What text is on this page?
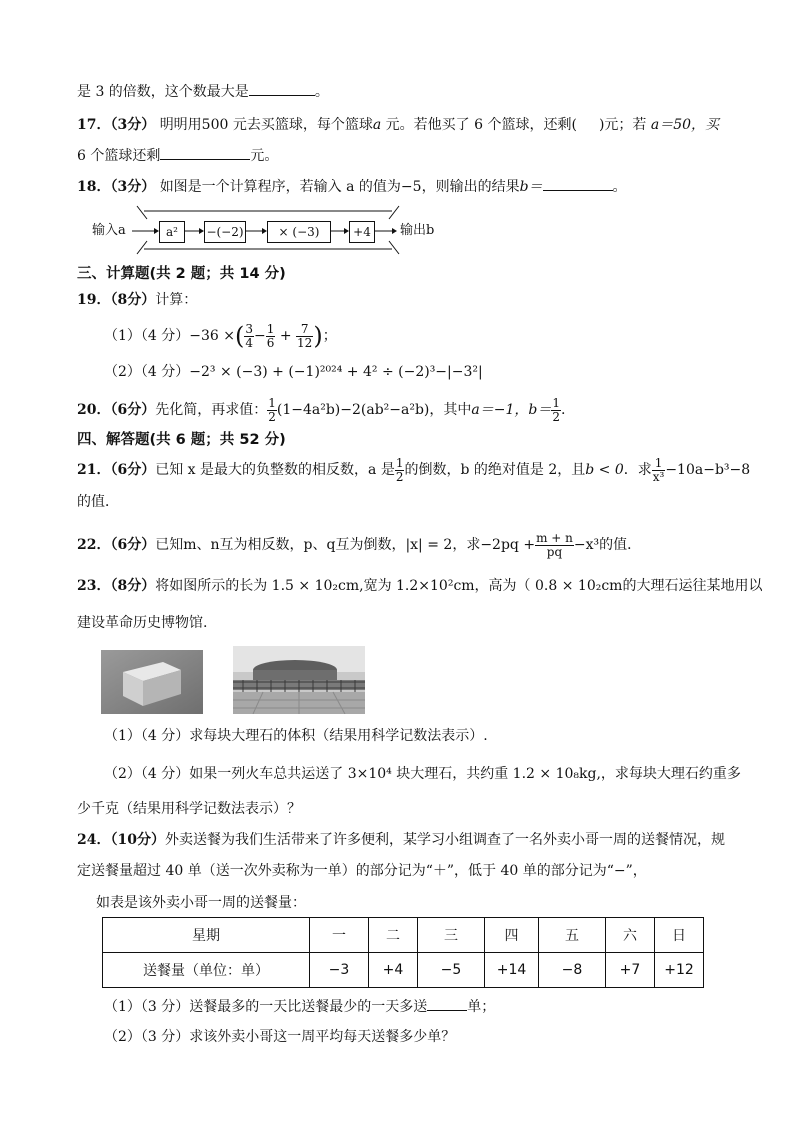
是 3 的倍数，这个数最大是	。
17．（3分） 明明用500 元去买篮球，每个篮球a 元。若他买了 6 个篮球，还剩( )元；若 a＝50，买
6 个篮球还剩	元。
18．（3分） 如图是一个计算程序，若输入 a 的值为−5，则输出的结果b＝	。
输入a	a²	−(−2)	× (−3)	+4	输出b
三、计算题(共 2 题；共 14 分)
19．（8分）计算：
（1）（4 分）−36 ×( $\frac{3}{4} - \frac{1}{6} + \frac{7}{12}$ )；
（2）（4 分）−2³ × (−3) + (−1)²⁰²⁴ + 4² ÷ (−2)³−|−3²|
20．（6分）先化简，再求值： $\frac{1}{2} (1-4a^2b)-2(ab^2-a^2b)$，其中a＝−1，$b= \frac{1}{2}$ .
四、解答题(共 6 题；共 52 分)
21．（6分）已知 x 是最大的负整数的相反数，a 是 $\frac{1}{2}$ 的倒数，b 的绝对值是 2，且b < 0．求 $\frac{1}{\text{x³}} -10a-b^3-8$
的值．
22．（6分）已知m、n互为相反数，p、q互为倒数，|x| = 2，求$-2pq + \frac{m + n}{pq} -x^3$的值．
23．（8分）将如图所示的长为 1.5 × 10₂cm,宽为 1.2×10²cm，高为（ 0.8 × 10₂cm的大理石运往某地用以
建设革命历史博物馆.
（1）（4 分）求每块大理石的体积（结果用科学记数法表示）.
（2）（4 分）如果一列火车总共运送了 3×10⁴ 块大理石，共约重 1.2 × 10₈kg,，求每块大理石约重多
少千克（结果用科学记数法表示）？
24．（10分）外卖送餐为我们生活带来了许多便利，某学习小组调查了一名外卖小哥一周的送餐情况，规
定送餐量超过 40 单（送一次外卖称为一单）的部分记为“＋”，低于 40 单的部分记为“−”，
如表是该外卖小哥一周的送餐量：
星期	一	二	三	四	五	六	日
送餐量（单位：单）	−3	+4	−5	+14	−8	+7	+12
（1）（3 分）送餐最多的一天比送餐最少的一天多送	单；
（2）（3 分）求该外卖小哥这一周平均每天送餐多少单？
